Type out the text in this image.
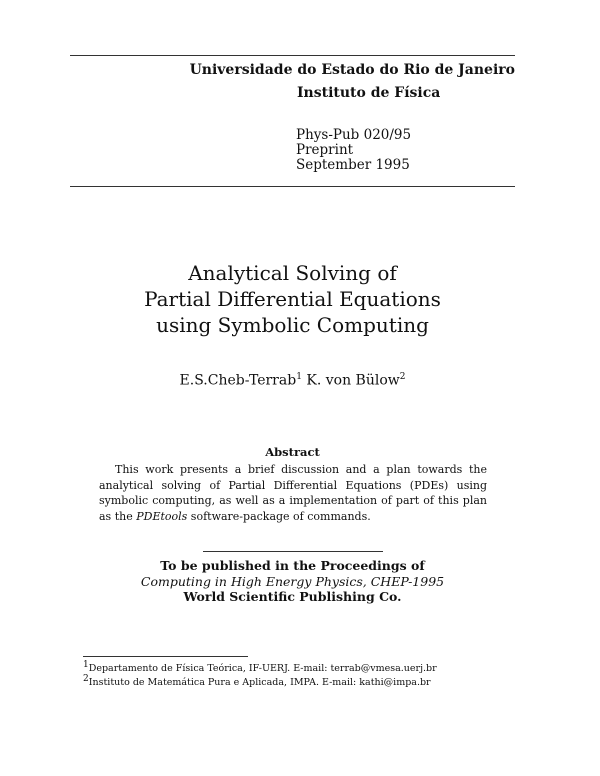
Universidade do Estado do Rio de Janeiro
Instituto de Física
Phys-Pub 020/95
Preprint
September 1995
Analytical Solving of
Partial Differential Equations
using Symbolic Computing
E.S.Cheb-Terrab$^1$ K. von Bülow$^2$
Abstract
This work presents a brief discussion and a plan towards the analytical solving of Partial Differential Equations (PDEs) using symbolic computing, as well as a implementation of part of this plan as the PDEtools software-package of commands.
To be published in the Proceedings of
Computing in High Energy Physics, CHEP-1995
World Scientific Publishing Co.
$^1$Departamento de Física Teórica, IF-UERJ. E-mail: terrab@vmesa.uerj.br
$^2$Instituto de Matemática Pura e Aplicada, IMPA. E-mail: kathi@impa.br
